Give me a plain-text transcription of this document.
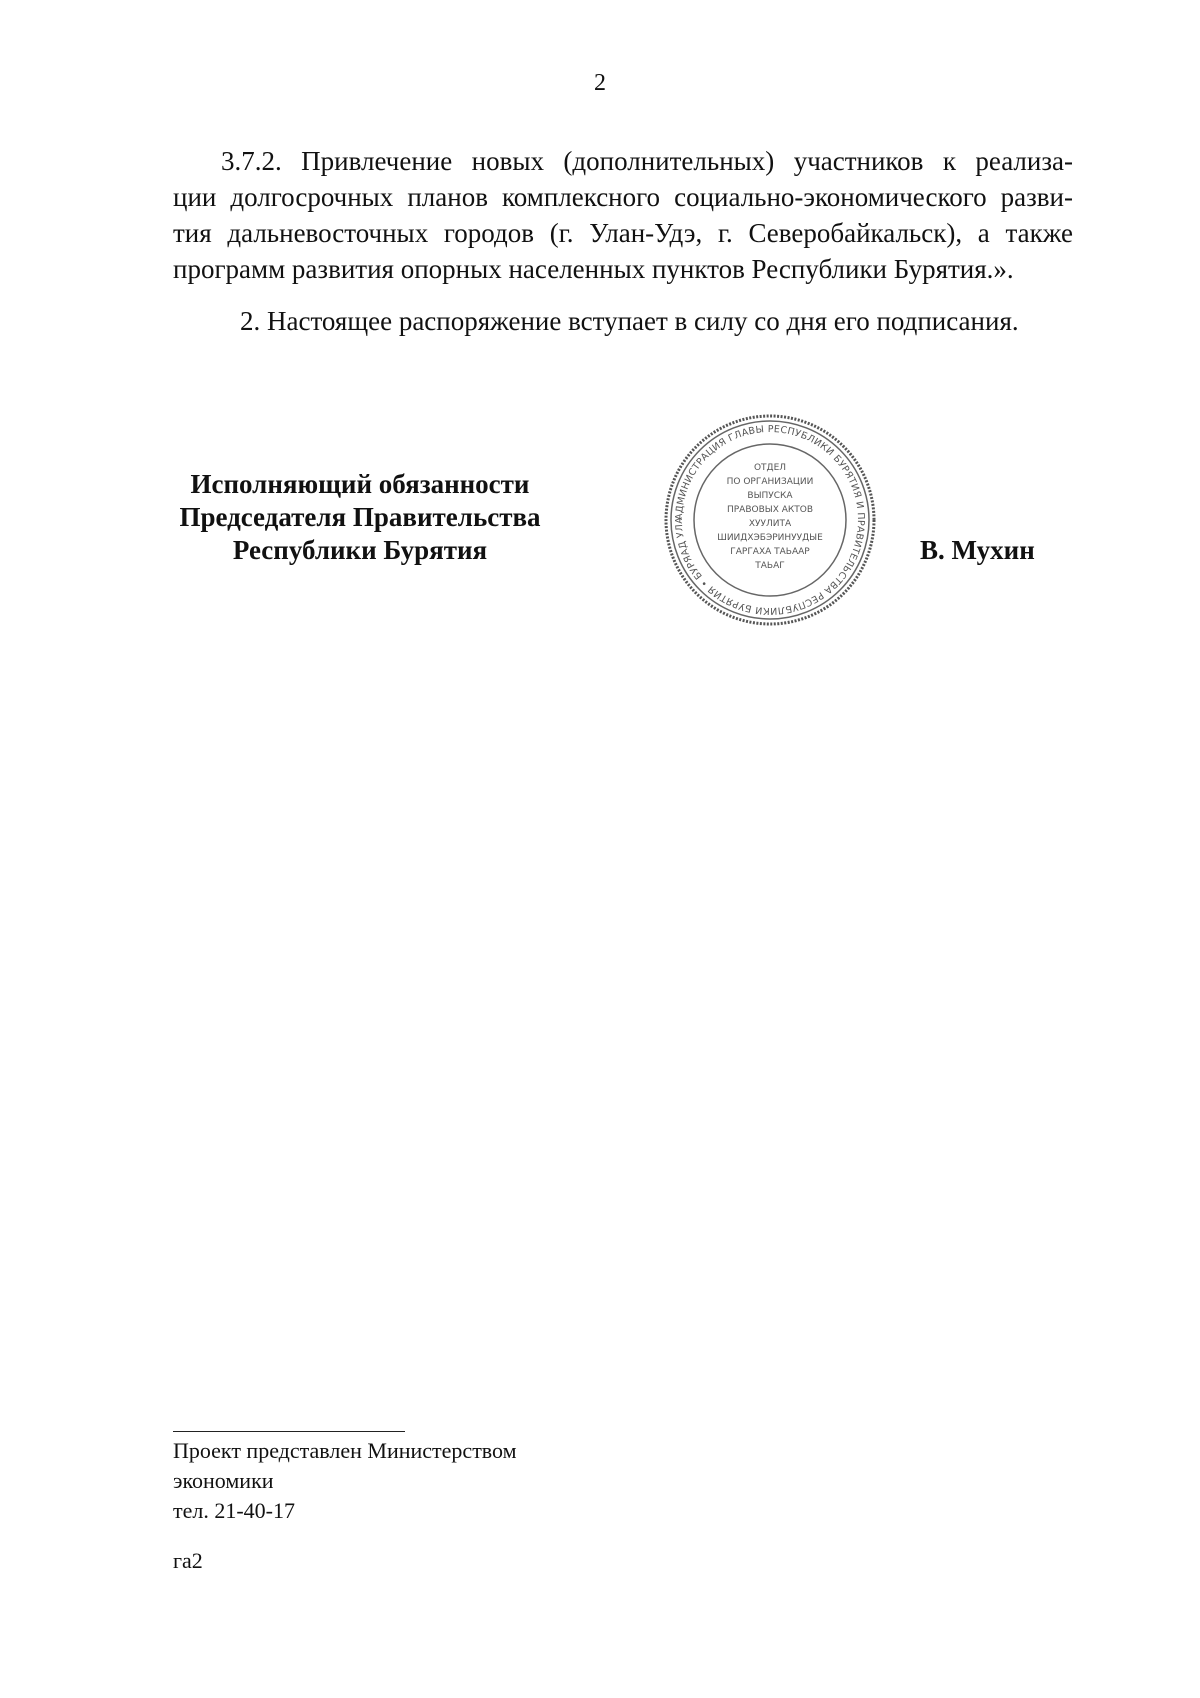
2
3.7.2. Привлечение новых (дополнительных) участников к реализа-
ции долгосрочных планов комплексного социально-экономического разви-
тия дальневосточных городов (г. Улан-Удэ, г. Северобайкальск), а также
программ развития опорных населенных пунктов Республики Бурятия.».
2. Настоящее распоряжение вступает в силу со дня его подписания.
Исполняющий обязанности
Председателя Правительства
Республики Бурятия	В. Мухин
АДМИНИСТРАЦИЯ ГЛАВЫ РЕСПУБЛИКИ БУРЯТИЯ И ПРАВИТЕЛЬСТВА РЕСПУБЛИКИ БУРЯТИЯ • БУРЯАД УЛА
ОТДЕЛ
ПО ОРГАНИЗАЦИИ
ВЫПУСКА
ПРАВОВЫХ АКТОВ
ХУУЛИТА
ШИИДХЭБЭРИНУУДЫЕ
ГАРГАХА ТАЬААР
ТАЬАГ
Проект представлен Министерством
экономики
тел. 21-40-17
га2
